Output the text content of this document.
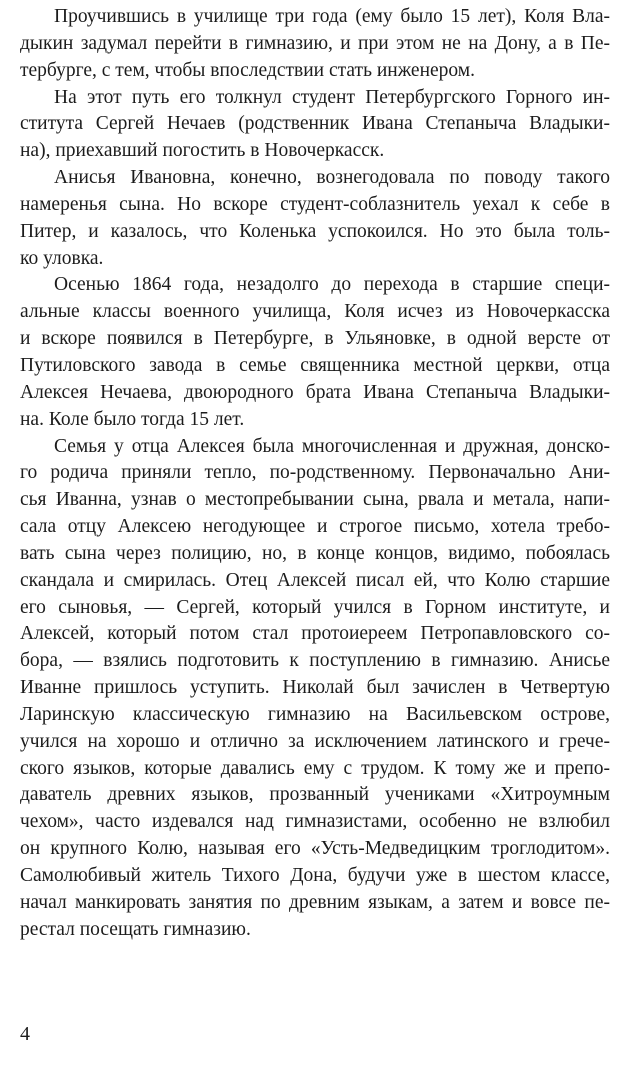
Проучившись в училище три года (ему было 15 лет), Коля Вла-
дыкин задумал перейти в гимназию, и при этом не на Дону, а в Пе-
тербурге, с тем, чтобы впоследствии стать инженером.
На этот путь его толкнул студент Петербургского Горного ин-
ститута Сергей Нечаев (родственник Ивана Степаныча Владыки-
на), приехавший погостить в Новочеркасск.
Анисья Ивановна, конечно, вознегодовала по поводу такого
намеренья сына. Но вскоре студент-соблазнитель уехал к себе в
Питер, и казалось, что Коленька успокоился. Но это была толь-
ко уловка.
Осенью 1864 года, незадолго до перехода в старшие специ-
альные классы военного училища, Коля исчез из Новочеркасска
и вскоре появился в Петербурге, в Ульяновке, в одной версте от
Путиловского завода в семье священника местной церкви, отца
Алексея Нечаева, двоюродного брата Ивана Степаныча Владыки-
на. Коле было тогда 15 лет.
Семья у отца Алексея была многочисленная и дружная, донско-
го родича приняли тепло, по-родственному. Первоначально Ани-
сья Иванна, узнав о местопребывании сына, рвала и метала, напи-
сала отцу Алексею негодующее и строгое письмо, хотела требо-
вать сына через полицию, но, в конце концов, видимо, побоялась
скандала и смирилась. Отец Алексей писал ей, что Колю старшие
его сыновья, — Сергей, который учился в Горном институте, и
Алексей, который потом стал протоиереем Петропавловского со-
бора, — взялись подготовить к поступлению в гимназию. Анисье
Иванне пришлось уступить. Николай был зачислен в Четвертую
Ларинскую классическую гимназию на Васильевском острове,
учился на хорошо и отлично за исключением латинского и грече-
ского языков, которые давались ему с трудом. К тому же и препо-
даватель древних языков, прозванный учениками «Хитроумным
чехом», часто издевался над гимназистами, особенно не взлюбил
он крупного Колю, называя его «Усть-Медведицким троглодитом».
Самолюбивый житель Тихого Дона, будучи уже в шестом классе,
начал манкировать занятия по древним языкам, а затем и вовсе пе-
рестал посещать гимназию.
4
